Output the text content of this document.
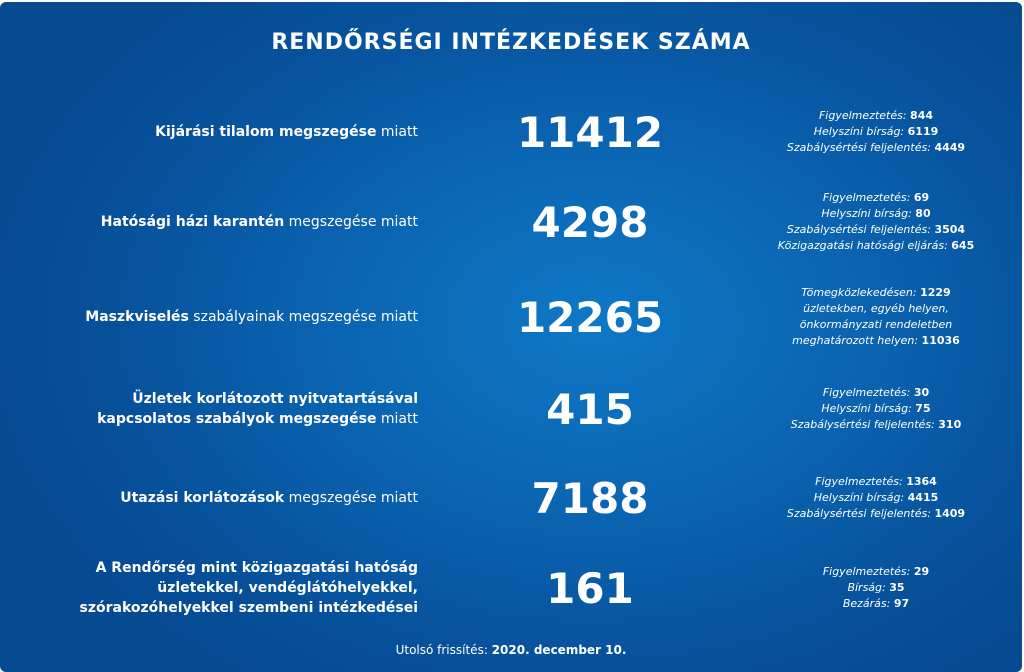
RENDŐRSÉGI INTÉZKEDÉSEK SZÁMA
Kijárási tilalom megszegése miatt	11412	Figyelmeztetés: 844
Helyszíni bírság: 6119
Szabálysértési feljelentés: 4449
Hatósági házi karantén megszegése miatt	4298	Figyelmeztetés: 69
Helyszíni bírság: 80
Szabálysértési feljelentés: 3504
Közigazgatási hatósági eljárás: 645
Maszkviselés szabályainak megszegése miatt	12265	Tömegközlekedésen: 1229
üzletekben, egyéb helyen,
önkormányzati rendeletben
meghatározott helyen: 11036
Üzletek korlátozott nyitvatartásával kapcsolatos szabályok megszegése miatt	415	Figyelmeztetés: 30
Helyszíni bírság: 75
Szabálysértési feljelentés: 310
Utazási korlátozások megszegése miatt	7188	Figyelmeztetés: 1364
Helyszíni bírság: 4415
Szabálysértési feljelentés: 1409
A Rendőrség mint közigazgatási hatóság üzletekkel, vendéglátóhelyekkel, szórakozóhelyekkel szembeni intézkedései	161	Figyelmeztetés: 29
Bírság: 35
Bezárás: 97
Utolsó frissítés: 2020. december 10.
